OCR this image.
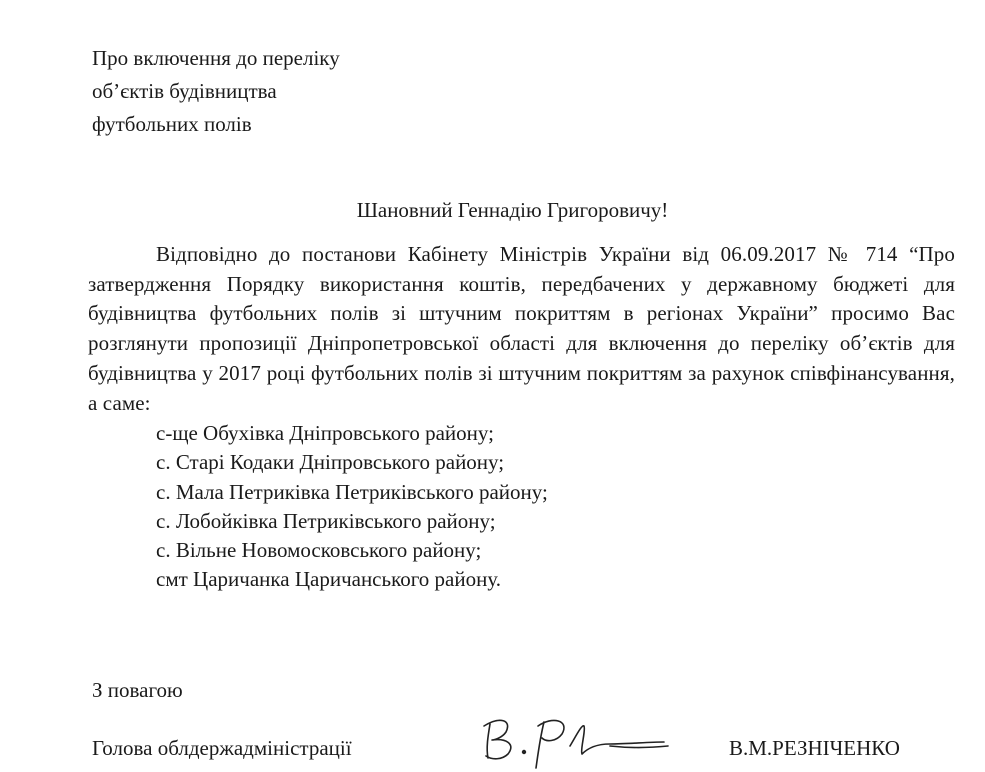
Про включення до переліку
об’єктів будівництва
футбольних полів
Шановний Геннадію Григоровичу!
Відповідно до постанови Кабінету Міністрів України від 06.09.2017 № 714 “Про затвердження Порядку використання коштів, передбачених у державному бюджеті для будівництва футбольних полів зі штучним покриттям в регіонах України” просимо Вас розглянути пропозиції Дніпропетровської області для включення до переліку об’єктів для будівництва у 2017 році футбольних полів зі штучним покриттям за рахунок співфінансування, а саме:
с-ще Обухівка Дніпровського району;
с. Старі Кодаки Дніпровського району;
с. Мала Петриківка Петриківського району;
с. Лобойківка Петриківського району;
с. Вільне Новомосковського району;
смт Царичанка Царичанського району.
З повагою
Голова облдержадміністрації	В.М.РЕЗНІЧЕНКО
